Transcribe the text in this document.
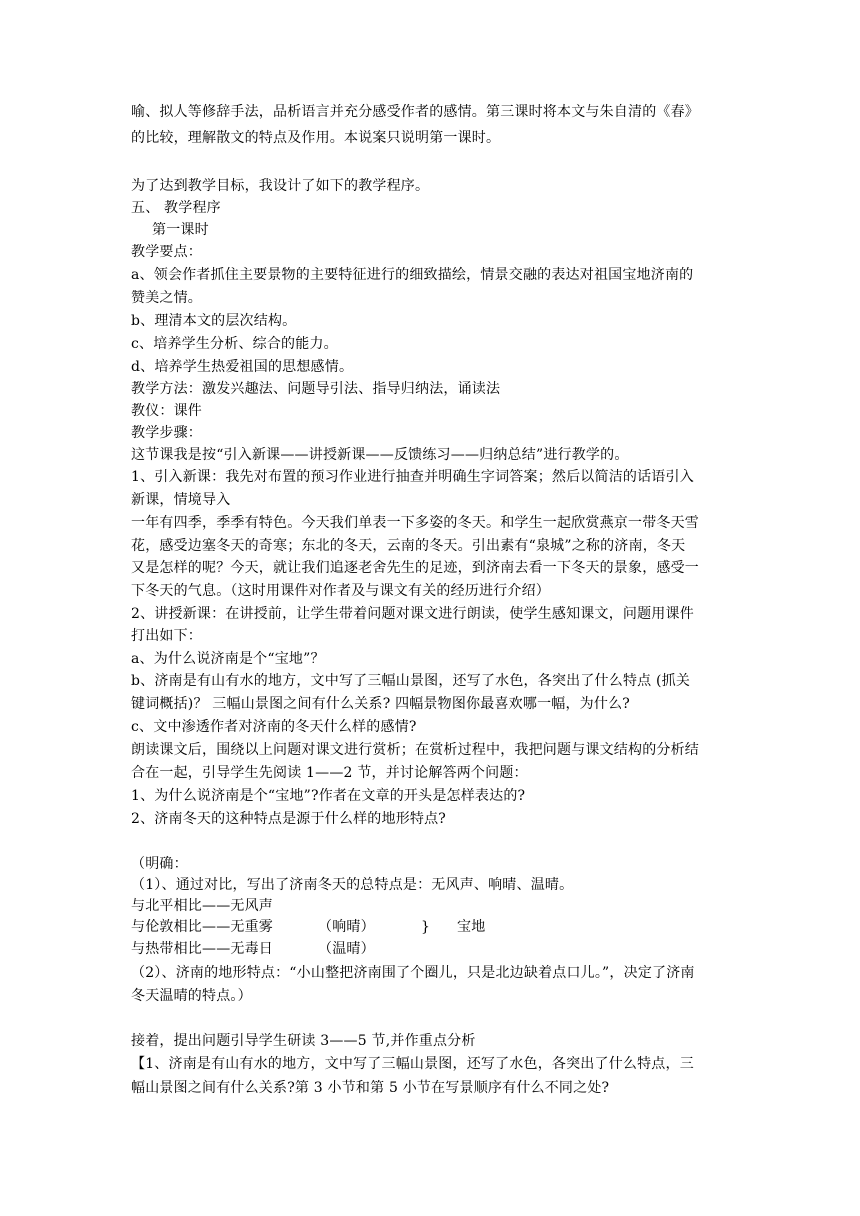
喻、拟人等修辞手法，品析语言并充分感受作者的感情。第三课时将本文与朱自清的《春》
的比较，理解散文的特点及作用。本说案只说明第一课时。
为了达到教学目标，我设计了如下的教学程序。
五、 教学程序
第一课时
教学要点：
a、领会作者抓住主要景物的主要特征进行的细致描绘，情景交融的表达对祖国宝地济南的
赞美之情。
b、理清本文的层次结构。
c、培养学生分析、综合的能力。
d、培养学生热爱祖国的思想感情。
教学方法：激发兴趣法、问题导引法、指导归纳法，诵读法
教仪：课件
教学步骤：
这节课我是按“引入新课——讲授新课——反馈练习——归纳总结”进行教学的。
1、引入新课：我先对布置的预习作业进行抽查并明确生字词答案；然后以简洁的话语引入
新课，情境导入
一年有四季，季季有特色。今天我们单表一下多姿的冬天。和学生一起欣赏燕京一带冬天雪
花，感受边塞冬天的奇寒；东北的冬天，云南的冬天。引出素有“泉城”之称的济南，冬天
又是怎样的呢？今天，就让我们追逐老舍先生的足迹，到济南去看一下冬天的景象，感受一
下冬天的气息。（这时用课件对作者及与课文有关的经历进行介绍）
2、讲授新课：在讲授前，让学生带着问题对课文进行朗读，使学生感知课文，问题用课件
打出如下：
a、为什么说济南是个“宝地”？
b、济南是有山有水的地方，文中写了三幅山景图，还写了水色，各突出了什么特点 (抓关
键词概括)？ 三幅山景图之间有什么关系? 四幅景物图你最喜欢哪一幅，为什么?
c、文中渗透作者对济南的冬天什么样的感情?
朗读课文后，围绕以上问题对课文进行赏析；在赏析过程中，我把问题与课文结构的分析结
合在一起，引导学生先阅读 1——2 节，并讨论解答两个问题：
1、为什么说济南是个“宝地”?作者在文章的开头是怎样表达的?
2、济南冬天的这种特点是源于什么样的地形特点?
（明确：
（1）、通过对比，写出了济南冬天的总特点是：无风声、响晴、温晴。
与北平相比——无风声
与伦敦相比——无重雾	（响晴）	} 宝地
与热带相比——无毒日	（温晴）
（2）、济南的地形特点：“小山整把济南围了个圈儿，只是北边缺着点口儿。”，决定了济南
冬天温晴的特点。）
接着，提出问题引导学生研读 3——5 节,并作重点分析
【1、济南是有山有水的地方，文中写了三幅山景图，还写了水色，各突出了什么特点，三
幅山景图之间有什么关系?第 3 小节和第 5 小节在写景顺序有什么不同之处?
